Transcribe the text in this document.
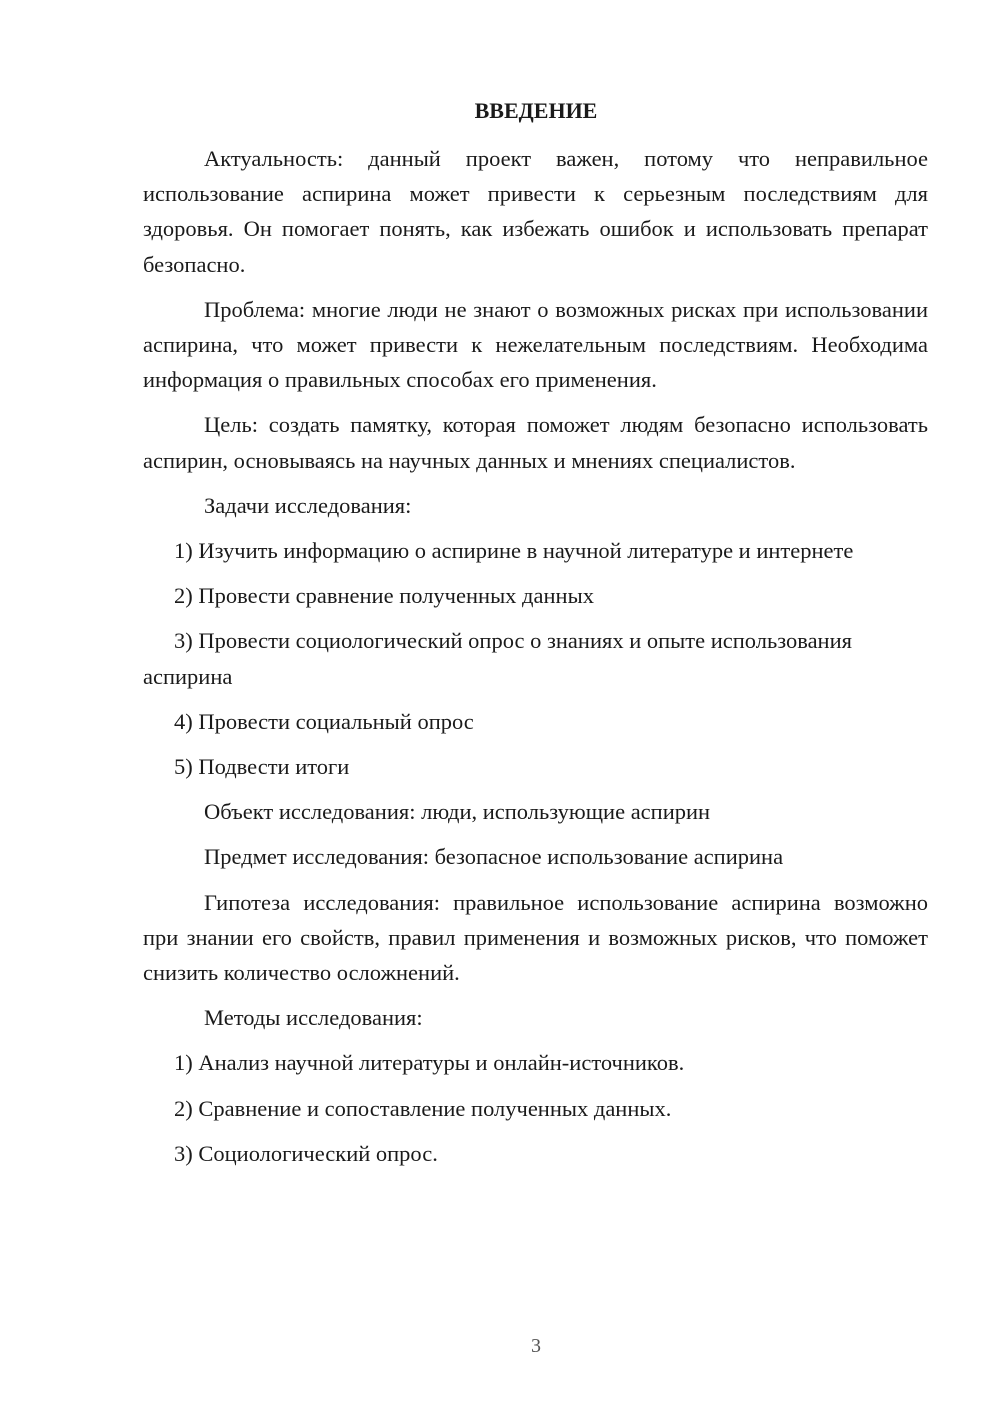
ВВЕДЕНИЕ

Актуальность: данный проект важен, потому что неправильное использование аспирина может привести к серьезным последствиям для здоровья. Он помогает понять, как избежать ошибок и использовать препарат безопасно.

Проблема: многие люди не знают о возможных рисках при использовании аспирина, что может привести к нежелательным последствиям. Необходима информация о правильных способах его применения.

Цель: создать памятку, которая поможет людям безопасно использовать аспирин, основываясь на научных данных и мнениях специалистов.

Задачи исследования:

1) Изучить информацию о аспирине в научной литературе и интернете

2) Провести сравнение полученных данных

3) Провести социологический опрос о знаниях и опыте использования аспирина

4) Провести социальный опрос

5) Подвести итоги

Объект исследования: люди, использующие аспирин

Предмет исследования: безопасное использование аспирина

Гипотеза исследования: правильное использование аспирина возможно при знании его свойств, правил применения и возможных рисков, что поможет снизить количество осложнений.

Методы исследования:

1) Анализ научной литературы и онлайн-источников.

2) Сравнение и сопоставление полученных данных.

3) Социологический опрос.

3
